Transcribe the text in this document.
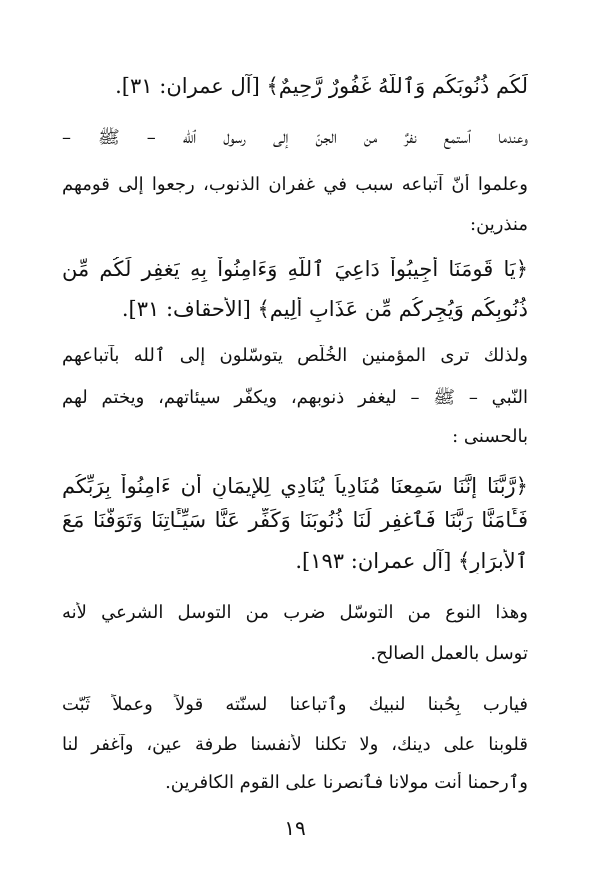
لَكُم ذُنُوبَكُم وَٱللَّهُ غَفُورٌ رَّحِيمٌ﴾ [آل عمران: ٣١].
وعندما ٱستمع نفرٌ من الجنّ إلى رسول ٱلله – ﷺ –
وعلموا أَنّ آتباعه سبب في غفران الذنوب، رجعوا إلى قومهم
منذرين:
﴿يَا قَومَنَا أَجِيبُواْ دَاعِيَ ٱللَّهِ وَءَامِنُواْ بِهِ يَغفِر لَكُم مِّن
ذُنُوبِكُم وَيُجِركُم مِّن عَذَابٍ أَلِيمٍ﴾ [الأحقاف: ٣١].
ولذلك ترى المؤمنين الخُلّص يتوسّلون إلى ٱلله بآتباعهم
النّبي – ﷺ – ليغفر ذنوبهم، ويكفّر سيئاتهم، ويختم لهم
بالحسنى :
﴿رَّبَّنَا إِنَّنَا سَمِعنَا مُنَادِياً يُنَادِي لِلإِيمَانِ أَن ءَامِنُواْ بِرَبِّكُم
فَـَٔامَنَّا رَبَّنَا فَٱغفِر لَنَا ذُنُوبَنَا وَكَفِّر عَنَّا سَيِّـَٔاتِنَا وَتَوَفَّنَا مَعَ
ٱلأَبرَارِ﴾ [آل عمران: ١٩٣].
وهذا النوع من التوسّل ضرب من التوسل الشرعي لأنه
توسل بالعمل الصالح.
فيارب بِحُبنا لنبيك وٱتباعنا لسنّته قولاً وعملاً ثَبّت
قلوبنا على دينك، ولا تكلنا لأنفسنا طرفة عين، وآغفر لنا
وٱرحمنا أَنت مولانا فٱنصرنا على القوم الكافرين.
١٩
